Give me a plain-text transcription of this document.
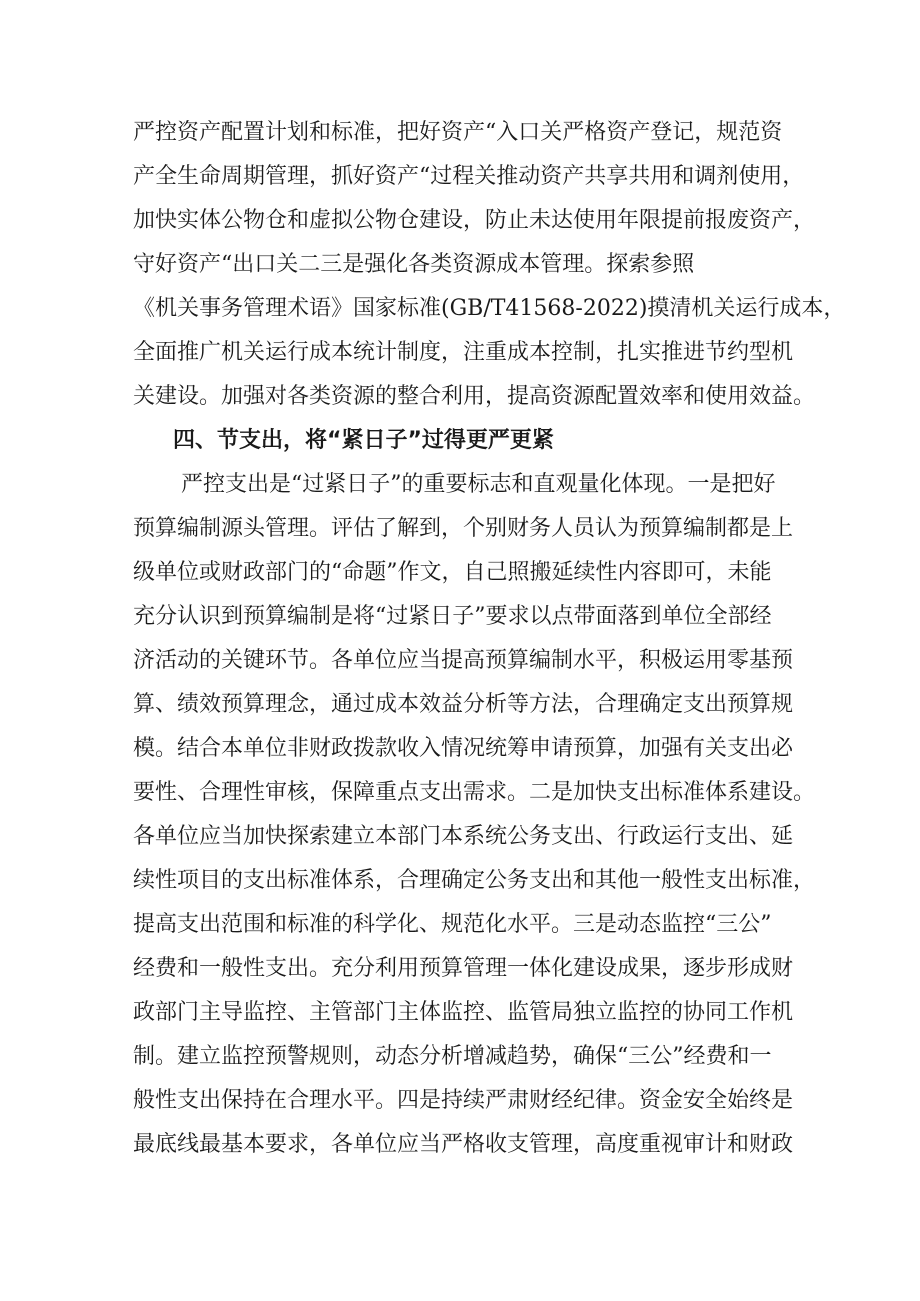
严控资产配置计划和标准，把好资产“入口关严格资产登记，规范资
产全生命周期管理，抓好资产“过程关推动资产共享共用和调剂使用，
加快实体公物仓和虚拟公物仓建设，防止未达使用年限提前报废资产，
守好资产“出口关二三是强化各类资源成本管理。探索参照
《机关事务管理术语》国家标准(GB/T41568-2022)摸清机关运行成本，
全面推广机关运行成本统计制度，注重成本控制，扎实推进节约型机
关建设。加强对各类资源的整合利用，提高资源配置效率和使用效益。
四、节支出，将“紧日子”过得更严更紧
严控支出是“过紧日子”的重要标志和直观量化体现。一是把好
预算编制源头管理。评估了解到，个别财务人员认为预算编制都是上
级单位或财政部门的“命题”作文，自己照搬延续性内容即可，未能
充分认识到预算编制是将“过紧日子”要求以点带面落到单位全部经
济活动的关键环节。各单位应当提高预算编制水平，积极运用零基预
算、绩效预算理念，通过成本效益分析等方法，合理确定支出预算规
模。结合本单位非财政拨款收入情况统筹申请预算，加强有关支出必
要性、合理性审核，保障重点支出需求。二是加快支出标准体系建设。
各单位应当加快探索建立本部门本系统公务支出、行政运行支出、延
续性项目的支出标准体系，合理确定公务支出和其他一般性支出标准，
提高支出范围和标准的科学化、规范化水平。三是动态监控“三公”
经费和一般性支出。充分利用预算管理一体化建设成果，逐步形成财
政部门主导监控、主管部门主体监控、监管局独立监控的协同工作机
制。建立监控预警规则，动态分析增减趋势，确保“三公”经费和一
般性支出保持在合理水平。四是持续严肃财经纪律。资金安全始终是
最底线最基本要求，各单位应当严格收支管理，高度重视审计和财政
